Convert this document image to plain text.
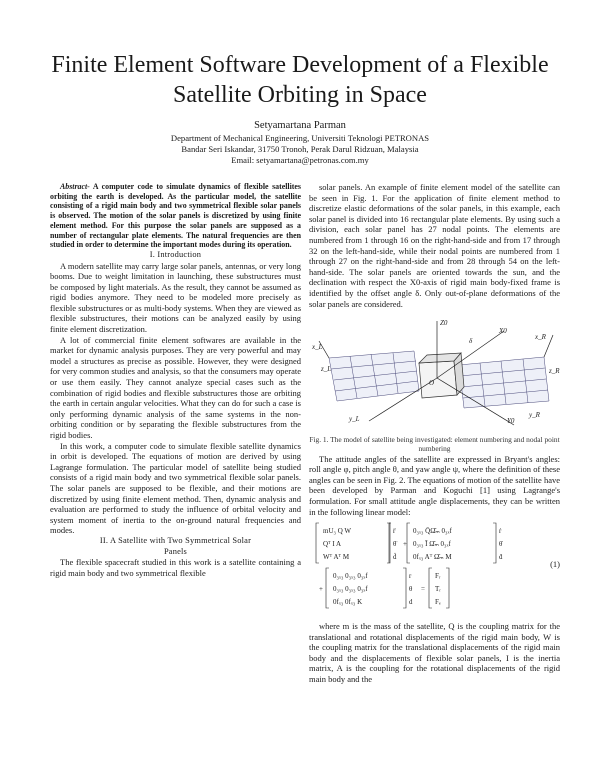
Finite Element Software Development of a Flexible
Satellite Orbiting in Space
Setyamartana Parman
Department of Mechanical Engineering, Universiti Teknologi PETRONAS
Bandar Seri Iskandar, 31750 Tronoh, Perak Darul Ridzuan, Malaysia
Email: setyamartana@petronas.com.my

Abstract- A computer code to simulate dynamics of flexible satellites orbiting the earth is developed. As the particular model, the satellite consisting of a rigid main body and two symmetrical flexible solar panels is observed. The motion of the solar panels is discretized by using finite element method. For this purpose the solar panels are supposed as a number of rectangular plate elements. The natural frequencies are then studied in order to determine the important modes during its operation.

I. Introduction

A modern satellite may carry large solar panels, antennas, or very long booms. Due to weight limitation in launching, these substructures must be composed by light materials. As the result, they cannot be assumed as rigid bodies anymore. They need to be modeled more precisely as flexible substructures or as multi-body systems. When they are viewed as flexible substructures, their motions can be analyzed easily by using finite element discretization.

A lot of commercial finite element softwares are available in the market for dynamic analysis purposes. They are very powerful and may model a structures as precise as possible. However, they were designed for very common studies and analysis, so that the consumers may operate or use them easily. They cannot analyze special cases such as the combination of rigid bodies and flexible substructures those are orbiting the earth in certain angular velocities. What they can do for such a case is only performing dynamic analysis of the same systems in the non-orbiting condition or by separating the flexible substructures from the rigid bodies.

In this work, a computer code to simulate flexible satellite dynamics in orbit is developed. The equations of motion are derived by using Lagrange formulation. The particular model of satellite being studied consists of a rigid main body and two symmetrical flexible solar panels. The solar panels are supposed to be flexible, and their motions are discretized by using finite element method. Then, dynamic analysis and evaluation are performed to study the influence of orbital velocity and system moment of inertia to the on-ground natural frequencies and modes.

II. A Satellite with Two Symmetrical Solar
Panels

The flexible spacecraft studied in this work is a satellite containing a rigid main body and two symmetrical flexible

solar panels. An example of finite element model of the satellite can be seen in Fig. 1. For the application of finite element method to discretize elastic deformations of the solar panels, in this example, each solar panel is divided into 16 rectangular plate elements. By using such a division, each solar panel has 27 nodal points. The elements are numbered from 1 through 16 on the right-hand-side and from 17 through 32 on the left-hand-side, while their nodal points are numbered from 1 through 27 on the right-hand-side and from 28 through 54 on the left-hand-side. The solar panels are oriented towards the sun, and the declination with respect the X0-axis of rigid main body-fixed frame is identified by the offset angle δ. Only out-of-plane deformations of the solar panels are considered.

Z0
Y0
X0
x_L
x_R
y_R
y_L
z_L	z_R
O
δ

Fig. 1. The model of satellite being investigated: element numbering and nodal point numbering

The attitude angles of the satellite are expressed in Bryant's angles: roll angle φ, pitch angle θ, and yaw angle ψ, where the definition of these angles can be seen in Fig. 2. The equations of motion of the satellite have been developed by Parman and Koguchi [1] using Lagrange's formulation. For small attitude angle displacements, they can be written in the following linear model:

mU₃ Q W
Qᵀ I A
Wᵀ Aᵀ M
r̈
θ̈
d̈
+
0₃ₓ₃ Q̄Ω̂ₘ 0₃ₓf
0₃ₓ₃ Ī Ω̂ₘ 0₃ₓf
0fₓ₃ Aᵀ Ω̂ₘ M
ṙ
θ̇
ḋ
+
0₃ₓ₃ 0₃ₓ₃ 0₃ₓf
0₃ₓ₃ 0₃ₓ₃ 0₃ₓf
0fₓ₃ 0fₓ₃ K
r
θ
d
=
Fᵣ
Tᵣ
Fₑ
(1)

where m is the mass of the satellite, Q is the coupling matrix for the translational and rotational displacements of the rigid main body, W is the coupling matrix for the translational displacements of the rigid main body and the displacements of flexible solar panels, I is the inertia matrix, A is the coupling for the rotational displacements of the rigid main body and the
